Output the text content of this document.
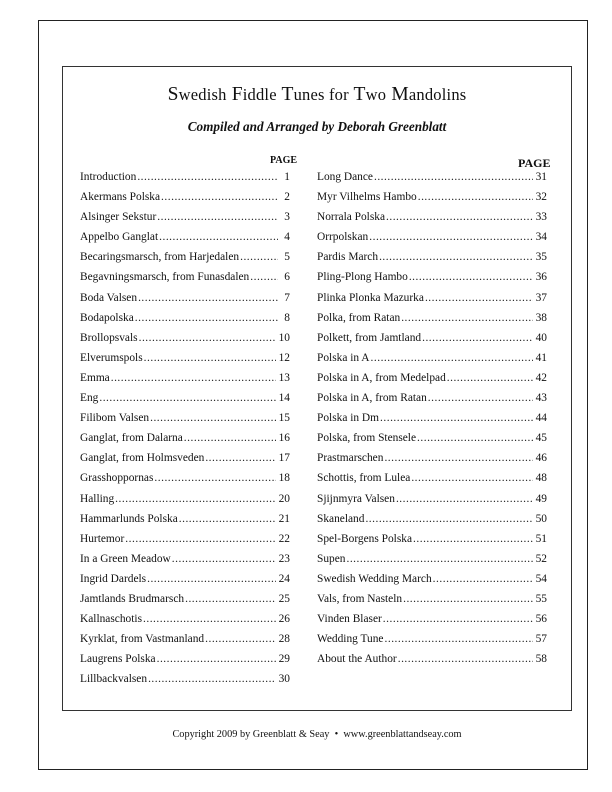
Swedish Fiddle Tunes for Two Mandolins
Compiled and Arranged by Deborah Greenblatt
PAGE	PAGE
Introduction .....	1
Akermans Polska .....	2
Alsinger Sekstur .....	3
Appelbo Ganglat .....	4
Becaringsmarsch, from Harjedalen .....	5
Begavningsmarsch, from Funasdalen .....	6
Boda Valsen .....	7
Bodapolska .....	8
Brollopsvals .....	10
Elverumspols .....	12
Emma .....	13
Eng .....	14
Filibom Valsen .....	15
Ganglat, from Dalarna .....	16
Ganglat, from Holmsveden .....	17
Grasshoppornas .....	18
Halling .....	20
Hammarlunds Polska .....	21
Hurtemor .....	22
In a Green Meadow .....	23
Ingrid Dardels .....	24
Jamtlands Brudmarsch .....	25
Kallnaschotis .....	26
Kyrklat, from Vastmanland .....	28
Laugrens Polska .....	29
Lillbackvalsen .....	30
Long Dance .....	31
Myr Vilhelms Hambo .....	32
Norrala Polska .....	33
Orrpolskan .....	34
Pardis March .....	35
Pling-Plong Hambo .....	36
Plinka Plonka Mazurka .....	37
Polka, from Ratan .....	38
Polkett, from Jamtland .....	40
Polska in A .....	41
Polska in A, from Medelpad .....	42
Polska in A, from Ratan .....	43
Polska in Dm .....	44
Polska, from Stensele .....	45
Prastmarschen .....	46
Schottis, from Lulea .....	48
Sjijnmyra Valsen .....	49
Skaneland .....	50
Spel-Borgens Polska .....	51
Supen .....	52
Swedish Wedding March .....	54
Vals, from Nasteln .....	55
Vinden Blaser .....	56
Wedding Tune .....	57
About the Author .....	58
Copyright 2009 by Greenblatt & Seay • www.greenblattandseay.com
